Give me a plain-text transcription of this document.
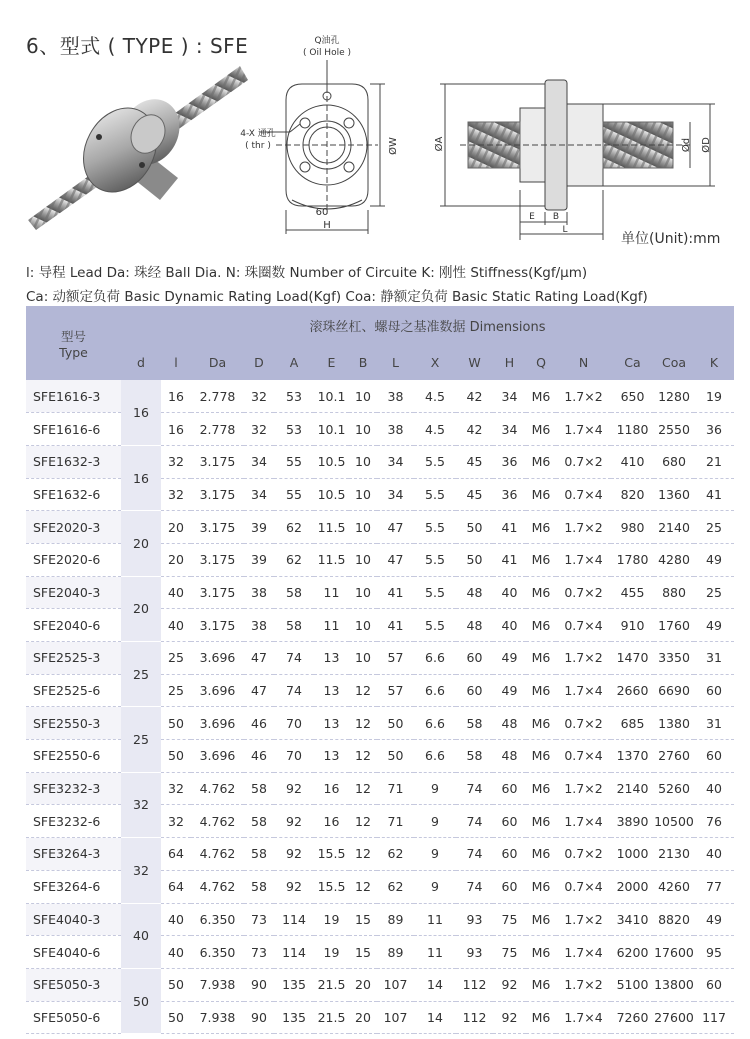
6、型式 ( TYPE ) : SFE	Q油孔
( Oil Hole )
4-X 通孔
( thr )	ØW
60
H
ØA	Ød ØD
E B
L
单位(Unit):mm
l: 导程 Lead Da: 珠经 Ball Dia. N: 珠圈数 Number of Circuite K: 刚性 Stiffness(Kgf/μm)
Ca: 动额定负荷 Basic Dynamic Rating Load(Kgf) Coa: 静额定负荷 Basic Static Rating Load(Kgf)
型号
Type	滚珠丝杠、螺母之基准数据 Dimensions															
	d	l	Da	D	A	E	B	L	X	W	H	Q	N	Ca	Coa	K
SFE1616-3	16	16	2.778	32	53	10.1	10	38	4.5	42	34	M6	1.7×2	650	1280	19
SFE1616-6		16	2.778	32	53	10.1	10	38	4.5	42	34	M6	1.7×4	1180	2550	36
SFE1632-3	16	32	3.175	34	55	10.5	10	34	5.5	45	36	M6	0.7×2	410	680	21
SFE1632-6		32	3.175	34	55	10.5	10	34	5.5	45	36	M6	0.7×4	820	1360	41
SFE2020-3	20	20	3.175	39	62	11.5	10	47	5.5	50	41	M6	1.7×2	980	2140	25
SFE2020-6		20	3.175	39	62	11.5	10	47	5.5	50	41	M6	1.7×4	1780	4280	49
SFE2040-3	20	40	3.175	38	58	11	10	41	5.5	48	40	M6	0.7×2	455	880	25
SFE2040-6		40	3.175	38	58	11	10	41	5.5	48	40	M6	0.7×4	910	1760	49
SFE2525-3	25	25	3.696	47	74	13	10	57	6.6	60	49	M6	1.7×2	1470	3350	31
SFE2525-6		25	3.696	47	74	13	12	57	6.6	60	49	M6	1.7×4	2660	6690	60
SFE2550-3	25	50	3.696	46	70	13	12	50	6.6	58	48	M6	0.7×2	685	1380	31
SFE2550-6		50	3.696	46	70	13	12	50	6.6	58	48	M6	0.7×4	1370	2760	60
SFE3232-3	32	32	4.762	58	92	16	12	71	9	74	60	M6	1.7×2	2140	5260	40
SFE3232-6		32	4.762	58	92	16	12	71	9	74	60	M6	1.7×4	3890	10500	76
SFE3264-3	32	64	4.762	58	92	15.5	12	62	9	74	60	M6	0.7×2	1000	2130	40
SFE3264-6		64	4.762	58	92	15.5	12	62	9	74	60	M6	0.7×4	2000	4260	77
SFE4040-3	40	40	6.350	73	114	19	15	89	11	93	75	M6	1.7×2	3410	8820	49
SFE4040-6		40	6.350	73	114	19	15	89	11	93	75	M6	1.7×4	6200	17600	95
SFE5050-3	50	50	7.938	90	135	21.5	20	107	14	112	92	M6	1.7×2	5100	13800	60
SFE5050-6		50	7.938	90	135	21.5	20	107	14	112	92	M6	1.7×4	7260	27600	117
